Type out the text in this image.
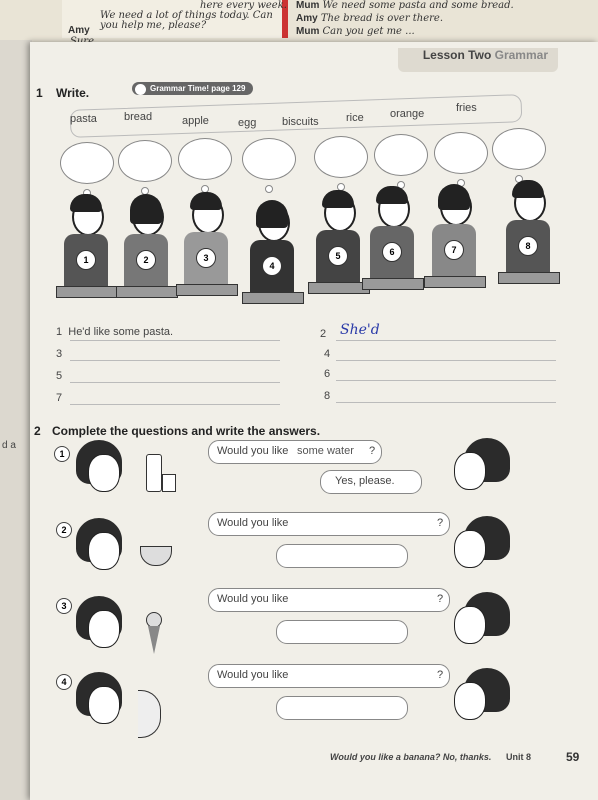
here every week.
We need a lot of things today. Can
you help me, please?
Amy
Mum We need some pasta and some bread.
Amy The bread is over there.
Mum Can you get me ...
d a
Lesson Two Grammar
1 Write.	Grammar Time! page 129
pasta bread	apple	egg biscuits rice orange	fries
1	2	3
4
5	6	7	8
1 He'd like some pasta.	2 She'd
3	4
5	6
7	8
2 Complete the questions and write the answers.
1	Would you like some water ?
Yes, please.
2
Would you like	?
3
Would you like	?
4
Would you like	?
Would you like a banana? No, thanks. Unit 8	59
